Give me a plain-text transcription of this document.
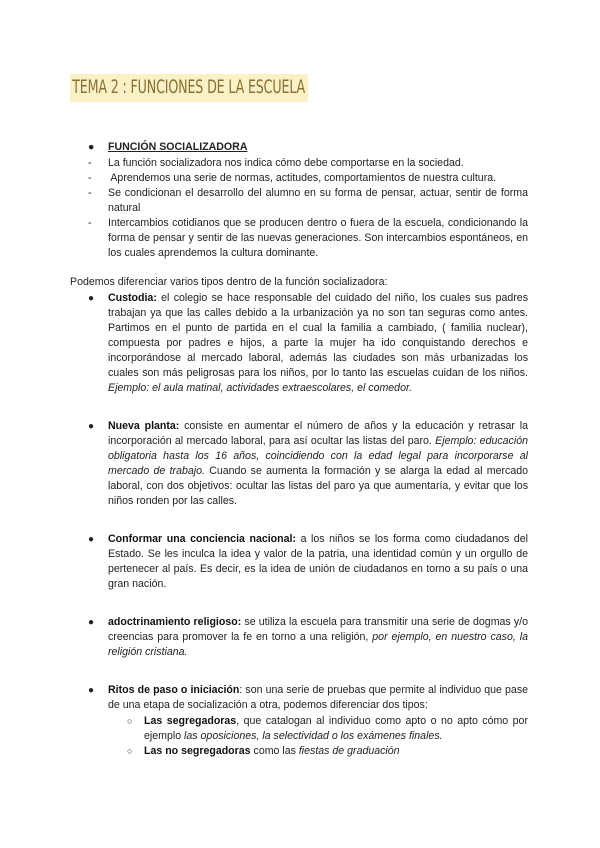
TEMA 2 : FUNCIONES DE LA ESCUELA
● FUNCIÓN SOCIALIZADORA
- La función socializadora nos indica cómo debe comportarse en la sociedad.
- Aprendemos una serie de normas, actitudes, comportamientos de nuestra cultura.
- Se condicionan el desarrollo del alumno en su forma de pensar, actuar, sentir de forma natural
- Intercambios cotidianos que se producen dentro o fuera de la escuela, condicionando la forma de pensar y sentir de las nuevas generaciones. Son intercambios espontáneos, en los cuales aprendemos la cultura dominante.
Podemos diferenciar varios tipos dentro de la función socializadora:
● Custodia: el colegio se hace responsable del cuidado del niño, los cuales sus padres trabajan ya que las calles debido a la urbanización ya no son tan seguras como antes. Partimos en el punto de partida en el cual la familia a cambiado, ( familia nuclear), compuesta por padres e hijos, a parte la mujer ha ido conquistando derechos e incorporándose al mercado laboral, además las ciudades son más urbanizadas los cuales son más peligrosas para los niños, por lo tanto las escuelas cuidan de los niños. Ejemplo: el aula matinal, actividades extraescolares, el comedor.
● Nueva planta: consiste en aumentar el número de años y la educación y retrasar la incorporación al mercado laboral, para así ocultar las listas del paro. Ejemplo: educación obligatoria hasta los 16 años, coincidiendo con la edad legal para incorporarse al mercado de trabajo. Cuando se aumenta la formación y se alarga la edad al mercado laboral, con dos objetivos: ocultar las listas del paro ya que aumentaría, y evitar que los niños ronden por las calles.
● Conformar una conciencia nacional: a los niños se los forma como ciudadanos del Estado. Se les inculca la idea y valor de la patria, una identidad común y un orgullo de pertenecer al país. Es decir, es la idea de unión de ciudadanos en torno a su país o una gran nación.
● adoctrinamiento religioso: se utiliza la escuela para transmitir una serie de dogmas y/o creencias para promover la fe en torno a una religión, por ejemplo, en nuestro caso, la religión cristiana.
● Ritos de paso o iniciación: son una serie de pruebas que permite al individuo que pase de una etapa de socialización a otra, podemos diferenciar dos tipos:
○ Las segregadoras, que catalogan al individuo como apto o no apto cómo por ejemplo las oposiciones, la selectividad o los exámenes finales.
○ Las no segregadoras como las fiestas de graduación
